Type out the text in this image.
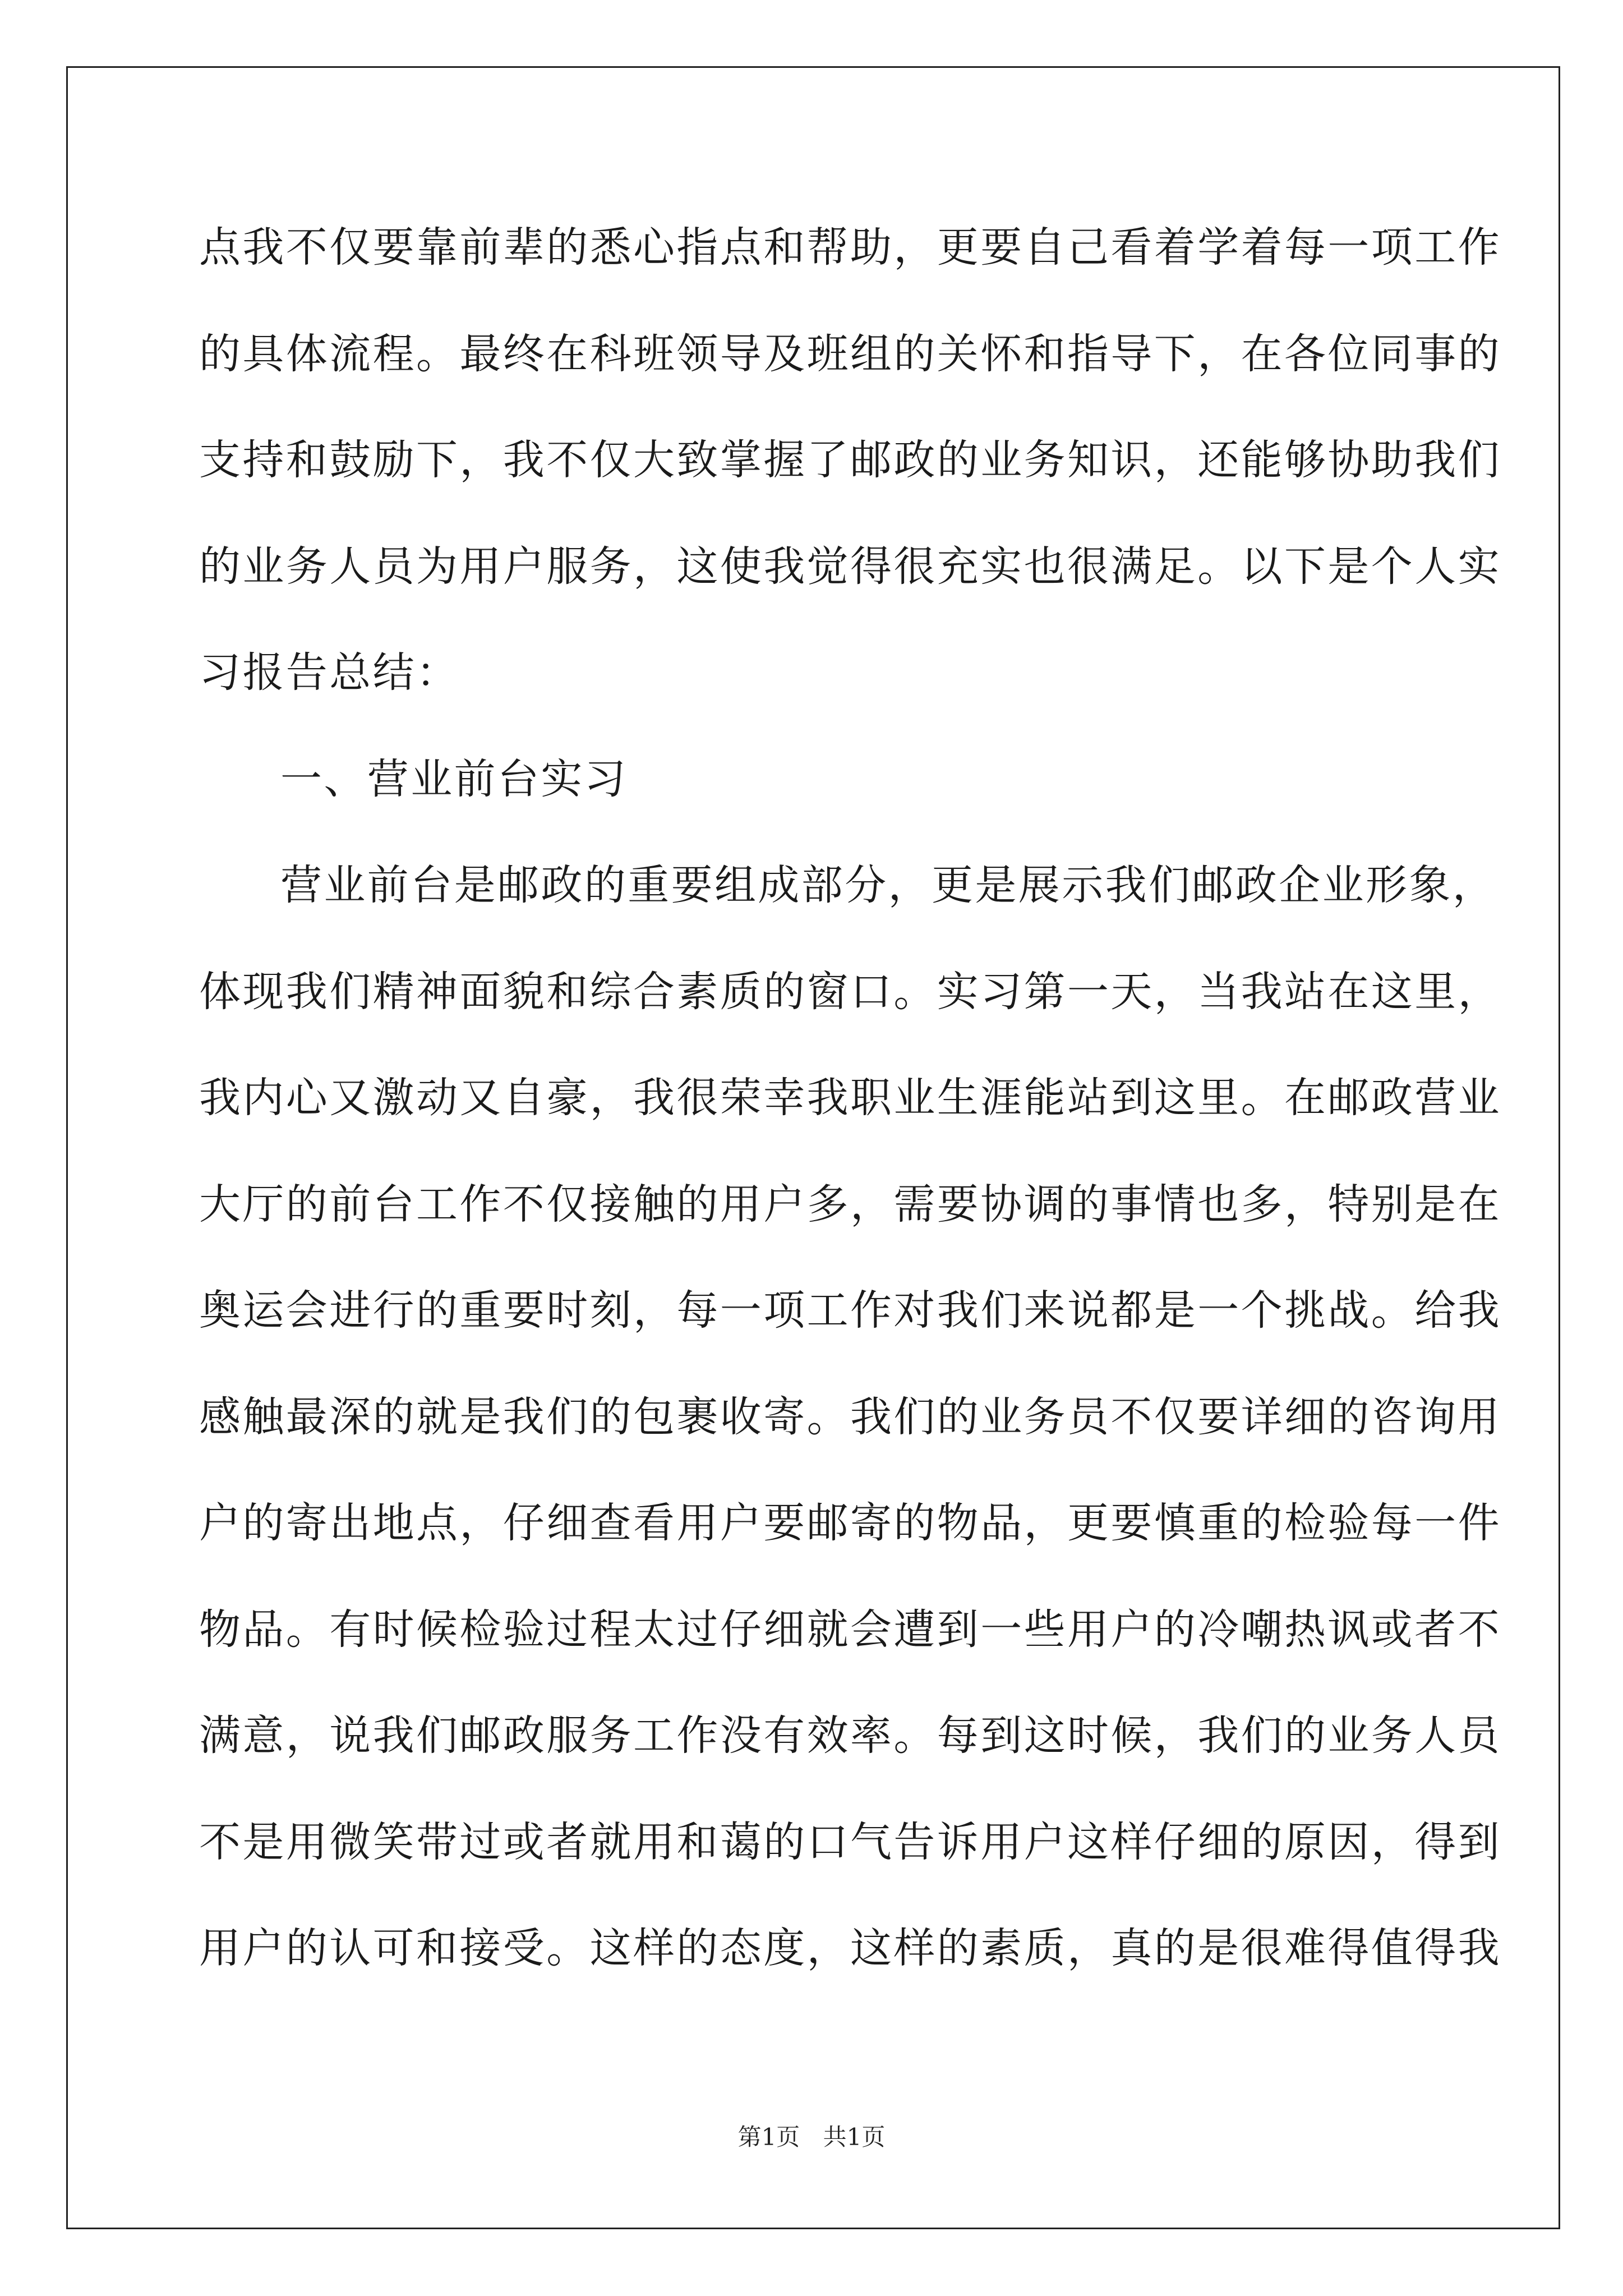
点我不仅要靠前辈的悉心指点和帮助，更要自己看着学着每一项工作
的具体流程。最终在科班领导及班组的关怀和指导下，在各位同事的
支持和鼓励下，我不仅大致掌握了邮政的业务知识，还能够协助我们
的业务人员为用户服务，这使我觉得很充实也很满足。以下是个人实
习报告总结：
一、营业前台实习
营业前台是邮政的重要组成部分，更是展示我们邮政企业形象，
体现我们精神面貌和综合素质的窗口。实习第一天，当我站在这里，
我内心又激动又自豪，我很荣幸我职业生涯能站到这里。在邮政营业
大厅的前台工作不仅接触的用户多，需要协调的事情也多，特别是在
奥运会进行的重要时刻，每一项工作对我们来说都是一个挑战。给我
感触最深的就是我们的包裹收寄。我们的业务员不仅要详细的咨询用
户的寄出地点，仔细查看用户要邮寄的物品，更要慎重的检验每一件
物品。有时候检验过程太过仔细就会遭到一些用户的冷嘲热讽或者不
满意，说我们邮政服务工作没有效率。每到这时候，我们的业务人员
不是用微笑带过或者就用和蔼的口气告诉用户这样仔细的原因，得到
用户的认可和接受。这样的态度，这样的素质，真的是很难得值得我
第1页 共1页
